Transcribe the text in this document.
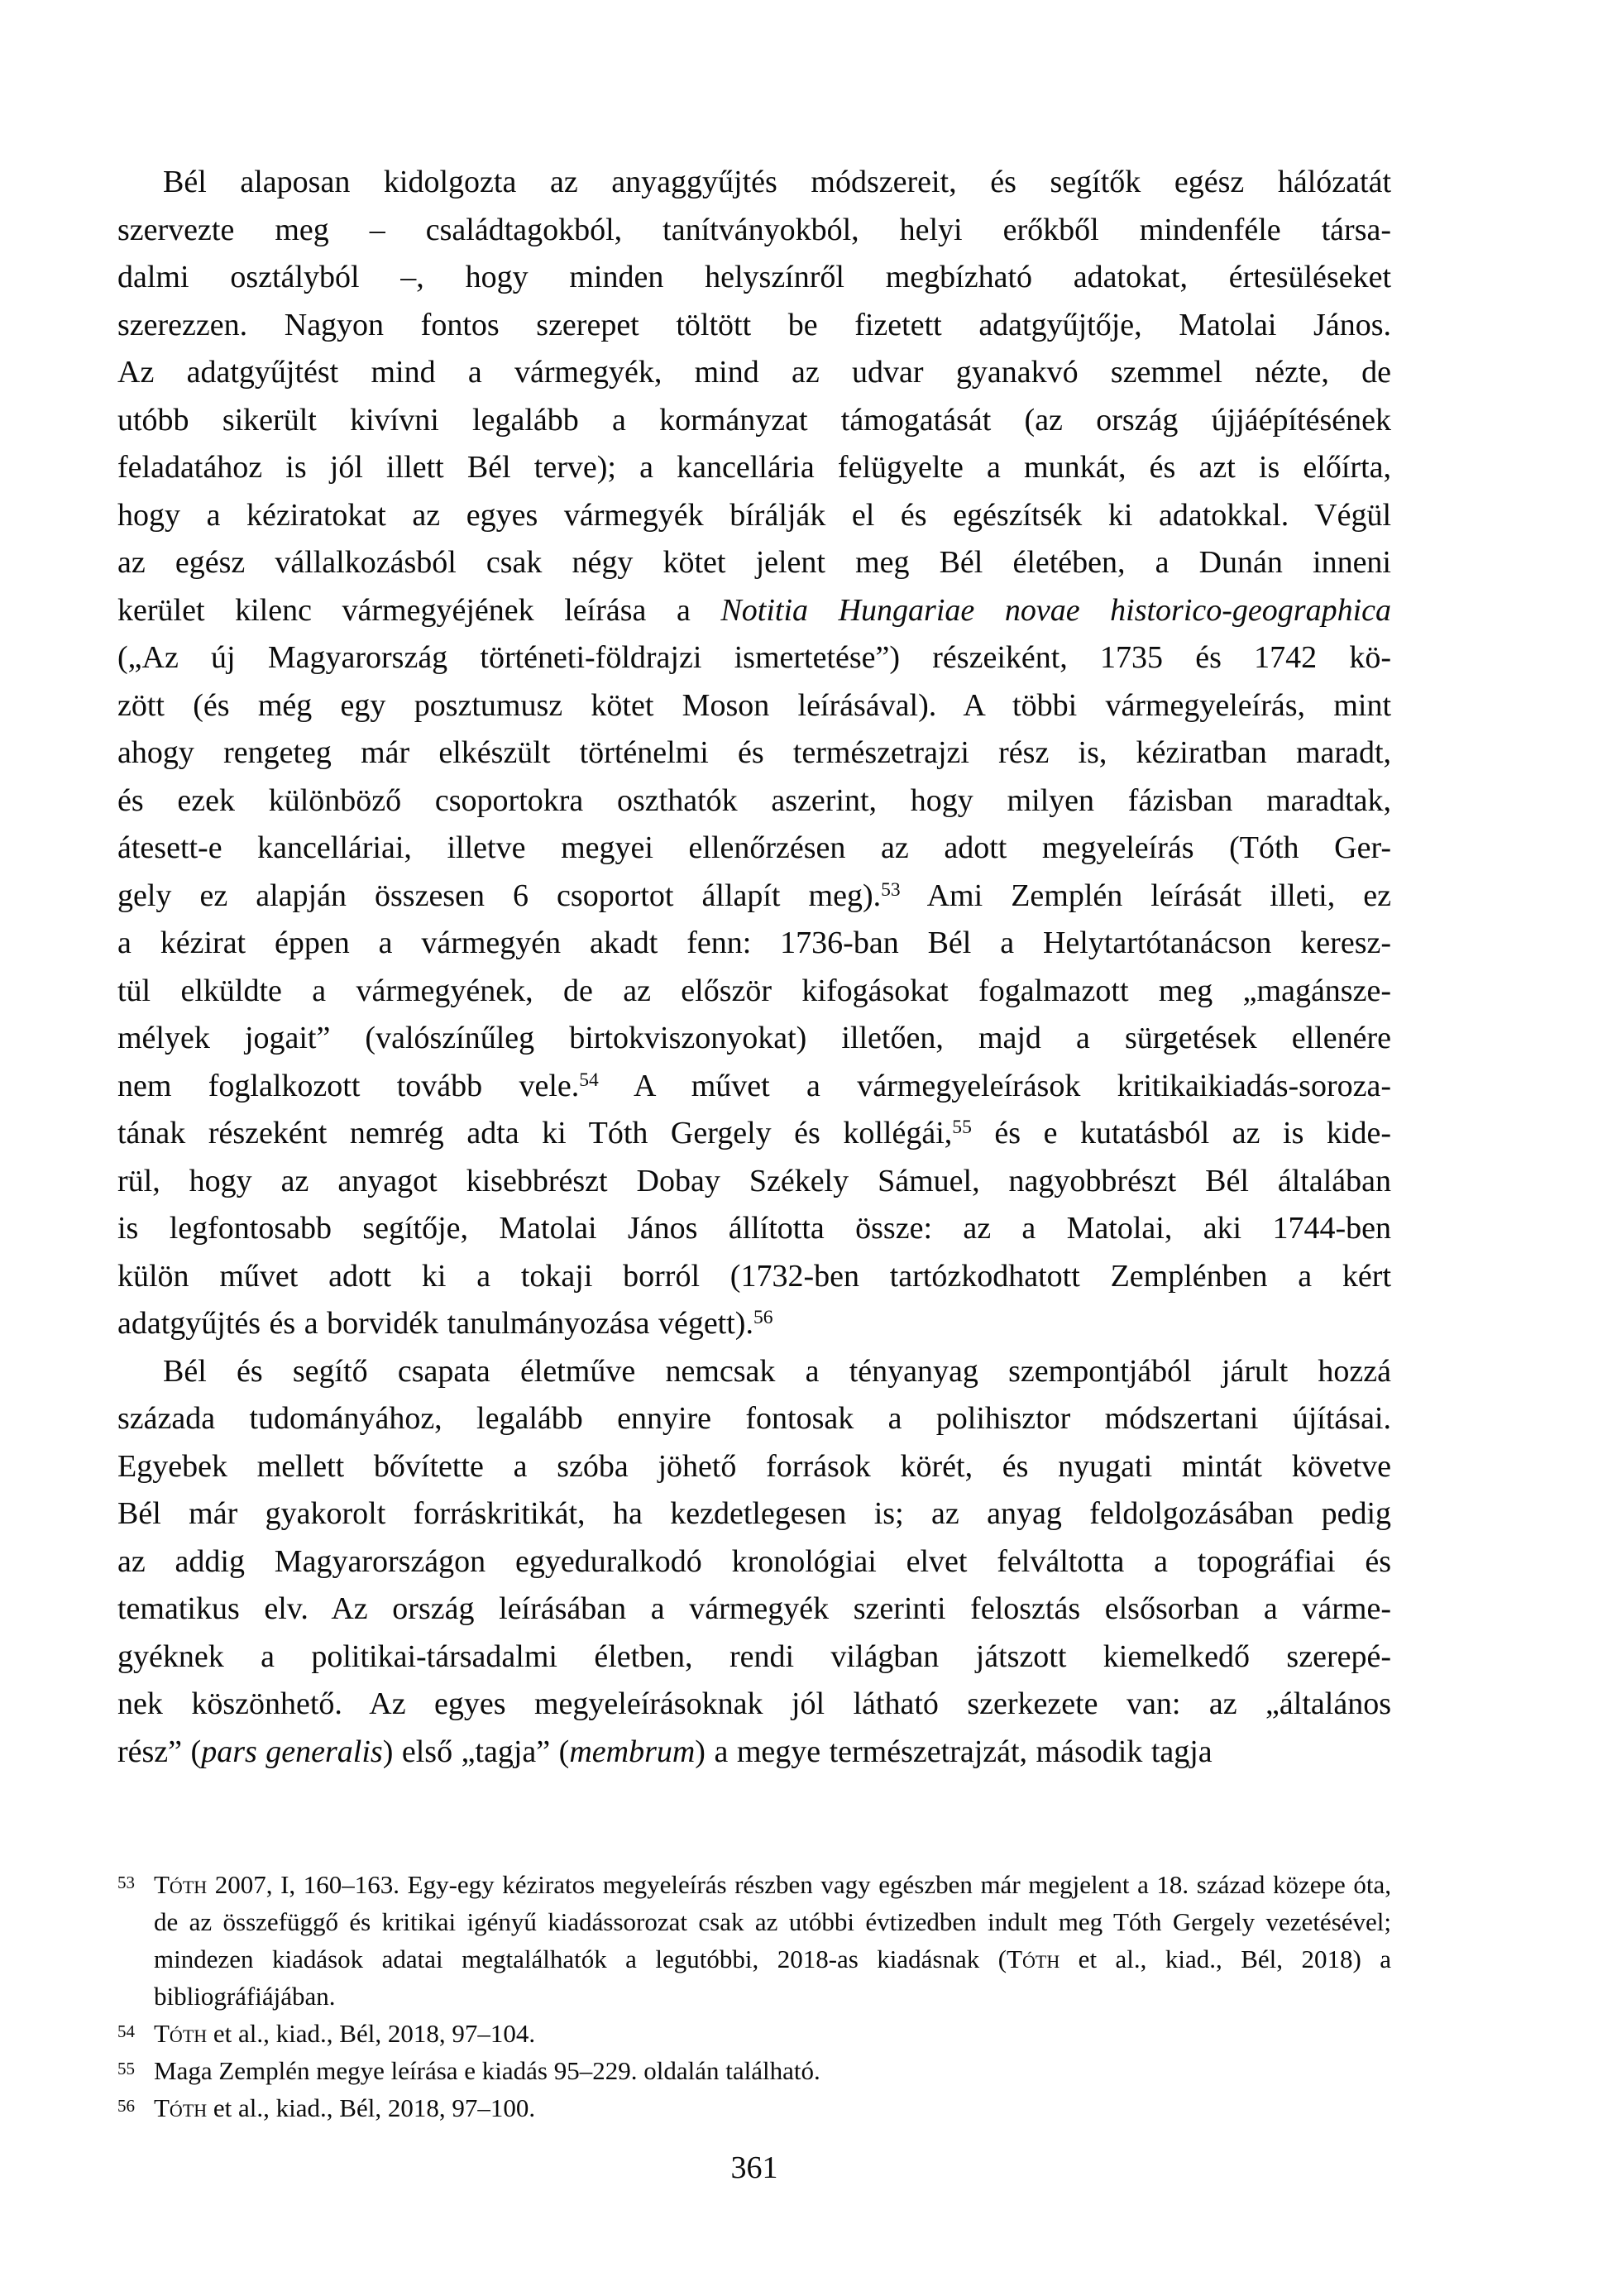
Bél alaposan kidolgozta az anyaggyűjtés módszereit, és segítők egész hálózatát
szervezte meg – családtagokból, tanítványokból, helyi erőkből mindenféle társa-
dalmi osztályból –, hogy minden helyszínről megbízható adatokat, értesüléseket
szerezzen. Nagyon fontos szerepet töltött be fizetett adatgyűjtője, Matolai János.
Az adatgyűjtést mind a vármegyék, mind az udvar gyanakvó szemmel nézte, de
utóbb sikerült kivívni legalább a kormányzat támogatását (az ország újjáépítésének
feladatához is jól illett Bél terve); a kancellária felügyelte a munkát, és azt is előírta,
hogy a kéziratokat az egyes vármegyék bírálják el és egészítsék ki adatokkal. Végül
az egész vállalkozásból csak négy kötet jelent meg Bél életében, a Dunán inneni
kerület kilenc vármegyéjének leírása a Notitia Hungariae novae historico-geographica
(„Az új Magyarország történeti-földrajzi ismertetése”) részeiként, 1735 és 1742 kö-
zött (és még egy posztumusz kötet Moson leírásával). A többi vármegyeleírás, mint
ahogy rengeteg már elkészült történelmi és természetrajzi rész is, kéziratban maradt,
és ezek különböző csoportokra oszthatók aszerint, hogy milyen fázisban maradtak,
átesett-e kancelláriai, illetve megyei ellenőrzésen az adott megyeleírás (Tóth Ger-
gely ez alapján összesen 6 csoportot állapít meg).$^{53}$ Ami Zemplén leírását illeti, ez
a kézirat éppen a vármegyén akadt fenn: 1736-ban Bél a Helytartótanácson keresz-
tül elküldte a vármegyének, de az először kifogásokat fogalmazott meg „magánsze-
mélyek jogait” (valószínűleg birtokviszonyokat) illetően, majd a sürgetések ellenére
nem foglalkozott tovább vele.$^{54}$ A művet a vármegyeleírások kritikaikiadás-soroza-
tának részeként nemrég adta ki Tóth Gergely és kollégái,$^{55}$ és e kutatásból az is kide-
rül, hogy az anyagot kisebbrészt Dobay Székely Sámuel, nagyobbrészt Bél általában
is legfontosabb segítője, Matolai János állította össze: az a Matolai, aki 1744-ben
külön művet adott ki a tokaji borról (1732-ben tartózkodhatott Zemplénben a kért
adatgyűjtés és a borvidék tanulmányozása végett).$^{56}$
Bél és segítő csapata életműve nemcsak a tényanyag szempontjából járult hozzá
százada tudományához, legalább ennyire fontosak a polihisztor módszertani újításai.
Egyebek mellett bővítette a szóba jöhető források körét, és nyugati mintát követve
Bél már gyakorolt forráskritikát, ha kezdetlegesen is; az anyag feldolgozásában pedig
az addig Magyarországon egyeduralkodó kronológiai elvet felváltotta a topográfiai és
tematikus elv. Az ország leírásában a vármegyék szerinti felosztás elsősorban a várme-
gyéknek a politikai-társadalmi életben, rendi világban játszott kiemelkedő szerepé-
nek köszönhető. Az egyes megyeleírásoknak jól látható szerkezete van: az „általános
rész” (pars generalis) első „tagja” (membrum) a megye természetrajzát, második tagja
53 Tóth 2007, I, 160–163. Egy-egy kéziratos megyeleírás részben vagy egészben már megjelent a 18. század közepe óta, de az összefüggő és kritikai igényű kiadássorozat csak az utóbbi évtizedben indult meg Tóth Gergely vezetésével; mindezen kiadások adatai megtalálhatók a legutóbbi, 2018-as kiadásnak (Tóth et al., kiad., Bél, 2018) a bibliográfiájában.
54 Tóth et al., kiad., Bél, 2018, 97–104.
55 Maga Zemplén megye leírása e kiadás 95–229. oldalán található.
56 Tóth et al., kiad., Bél, 2018, 97–100.
361
